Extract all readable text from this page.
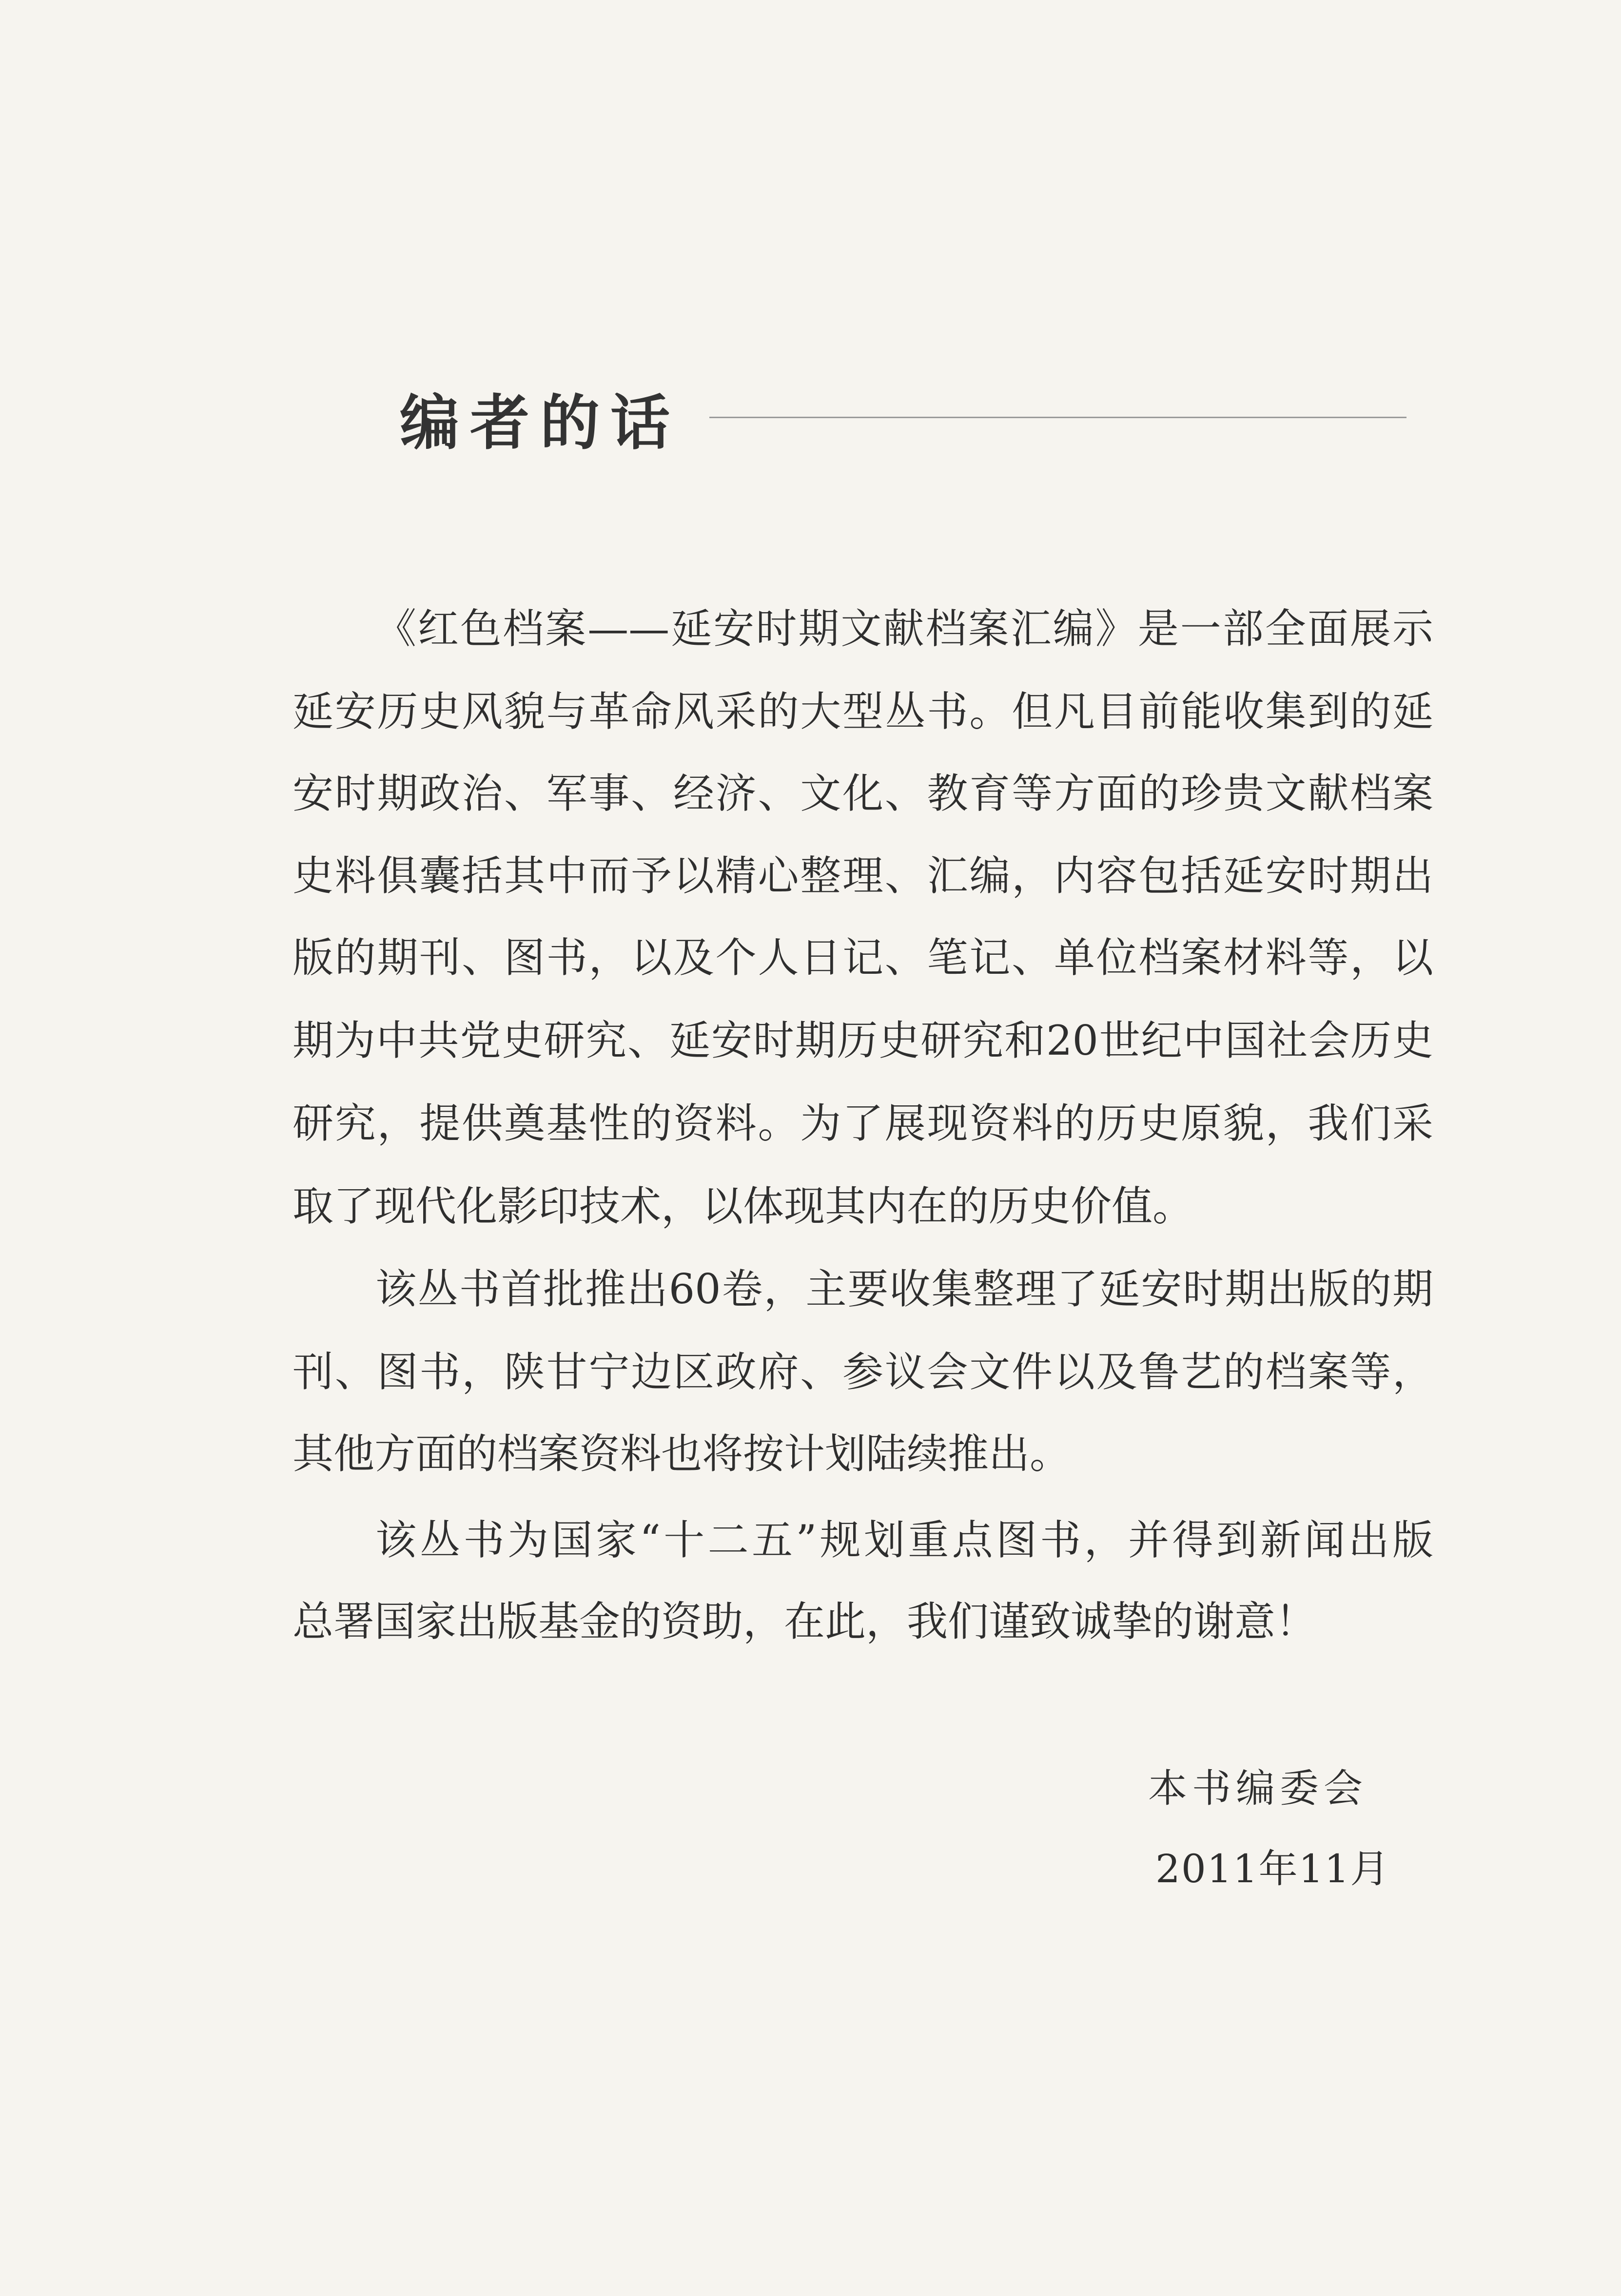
编者的话
《红色档案——延安时期文献档案汇编》是一部全面展示
延安历史风貌与革命风采的大型丛书。但凡目前能收集到的延
安时期政治、军事、经济、文化、教育等方面的珍贵文献档案
史料俱囊括其中而予以精心整理、汇编，内容包括延安时期出
版的期刊、图书，以及个人日记、笔记、单位档案材料等，以
期为中共党史研究、延安时期历史研究和20世纪中国社会历史
研究，提供奠基性的资料。为了展现资料的历史原貌，我们采
取了现代化影印技术，以体现其内在的历史价值。
该丛书首批推出60卷，主要收集整理了延安时期出版的期
刊、图书，陕甘宁边区政府、参议会文件以及鲁艺的档案等，
其他方面的档案资料也将按计划陆续推出。
该丛书为国家“十二五”规划重点图书，并得到新闻出版
总署国家出版基金的资助，在此，我们谨致诚挚的谢意！
本书编委会
2011年11月
